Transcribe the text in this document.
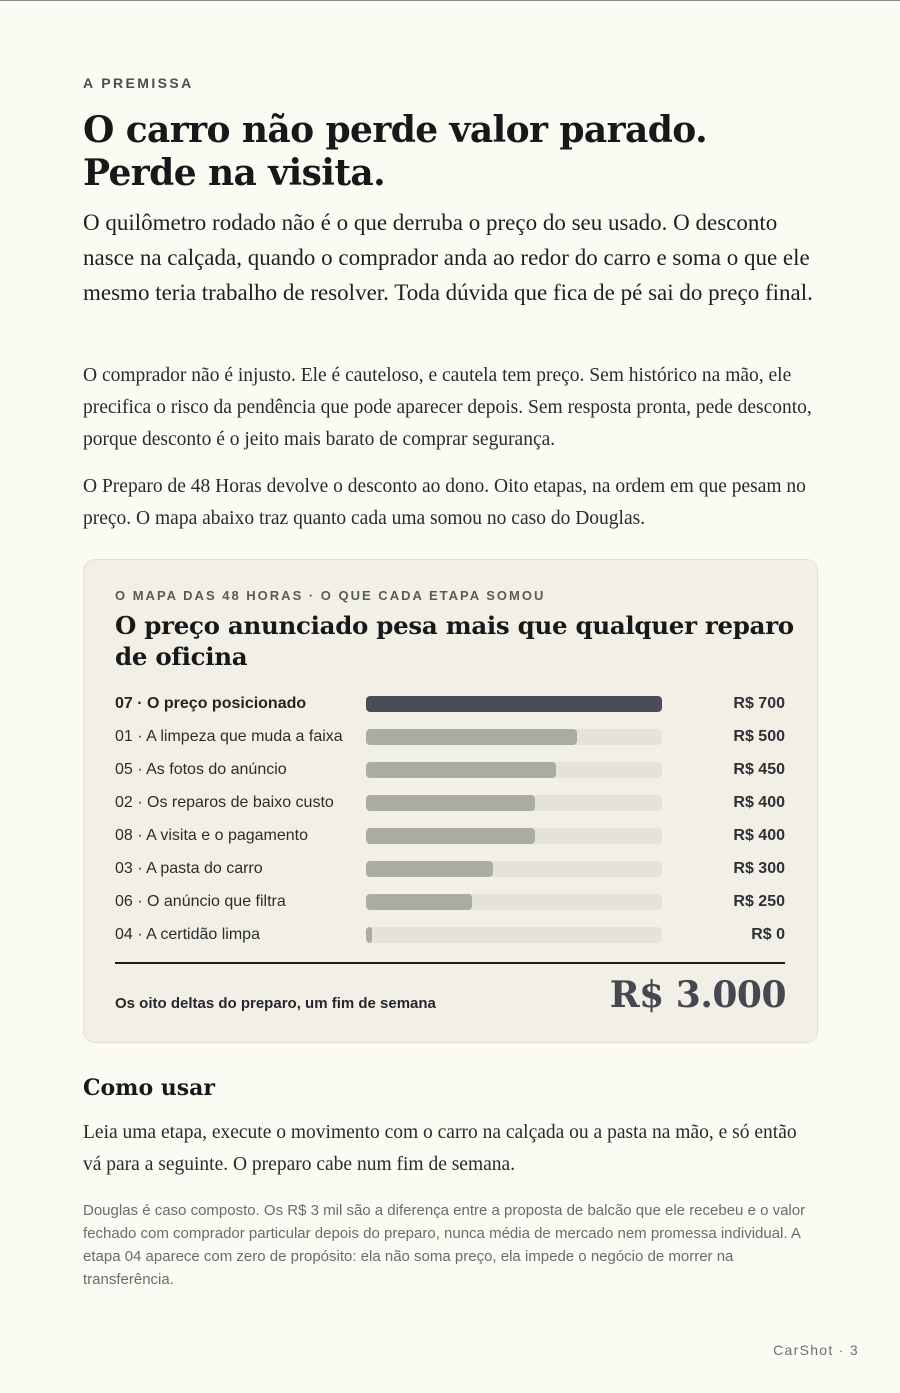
A PREMISSA
O carro não perde valor parado. Perde na visita.

O quilômetro rodado não é o que derruba o preço do seu usado. O desconto nasce na calçada, quando o comprador anda ao redor do carro e soma o que ele mesmo teria trabalho de resolver. Toda dúvida que fica de pé sai do preço final.

O comprador não é injusto. Ele é cauteloso, e cautela tem preço. Sem histórico na mão, ele precifica o risco da pendência que pode aparecer depois. Sem resposta pronta, pede desconto, porque desconto é o jeito mais barato de comprar segurança.

O Preparo de 48 Horas devolve o desconto ao dono. Oito etapas, na ordem em que pesam no preço. O mapa abaixo traz quanto cada uma somou no caso do Douglas.

O MAPA DAS 48 HORAS · O QUE CADA ETAPA SOMOU
O preço anunciado pesa mais que qualquer reparo de oficina
07 · O preço posicionado	R$ 700
01 · A limpeza que muda a faixa	R$ 500
05 · As fotos do anúncio	R$ 450
02 · Os reparos de baixo custo	R$ 400
08 · A visita e o pagamento	R$ 400
03 · A pasta do carro	R$ 300
06 · O anúncio que filtra	R$ 250
04 · A certidão limpa	R$ 0
Os oito deltas do preparo, um fim de semana	R$ 3.000
Como usar

Leia uma etapa, execute o movimento com o carro na calçada ou a pasta na mão, e só então vá para a seguinte. O preparo cabe num fim de semana.

Douglas é caso composto. Os R$ 3 mil são a diferença entre a proposta de balcão que ele recebeu e o valor fechado com comprador particular depois do preparo, nunca média de mercado nem promessa individual. A etapa 04 aparece com zero de propósito: ela não soma preço, ela impede o negócio de morrer na transferência.

CarShot · 3
